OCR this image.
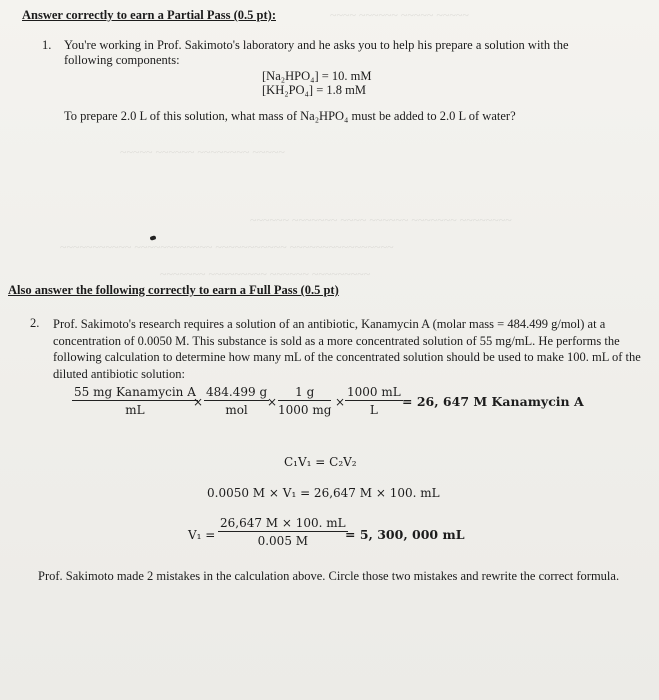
~~~~ ~~~~~~ ~~~~~ ~~~~~
~~~~~ ~~~~~~ ~~~~~~~~ ~~~~~
~~~~~~ ~~~~~~~ ~~~~ ~~~~~~ ~~~~~~~ ~~~~~~~~
~~~~~~~~~~~ ~~~~~~~~~~~~ ~~~~~~~~~~~ ~~~~~~~~~~~~~~~~
~~~~~~~ ~~~~~~~~~ ~~~~~~ ~~~~~~~~~
Answer correctly to earn a Partial Pass (0.5 pt):
1. You're working in Prof. Sakimoto's laboratory and he asks you to help his prepare a solution with the following components:
[Na₂HPO₄] = 10. mM
[KH₂PO₄] = 1.8 mM
To prepare 2.0 L of this solution, what mass of Na₂HPO₄ must be added to 2.0 L of water?
Also answer the following correctly to earn a Full Pass (0.5 pt)
2. Prof. Sakimoto's research requires a solution of an antibiotic, Kanamycin A (molar mass = 484.499 g/mol) at a concentration of 0.0050 M. This substance is sold as a more concentrated solution of 55 mg/mL. He performs the following calculation to determine how many mL of the concentrated solution should be used to make 100. mL of the diluted antibiotic solution:
55 mg Kanamycin A
mL
×
484.499 g
mol
× $\frac{1 g}{1000 mg} \times \frac{1000 mL}{L} = 26$, 647 M Kanamycin A
C₁V₁ = C₂V₂
0.0050 M × V₁ = 26,647 M × 100. mL
$V_1 = \frac{26,647 M \times 100. mL}{0.005 M}$
= 5, 300, 000 mL
Prof. Sakimoto made 2 mistakes in the calculation above. Circle those two mistakes and rewrite the correct formula.
